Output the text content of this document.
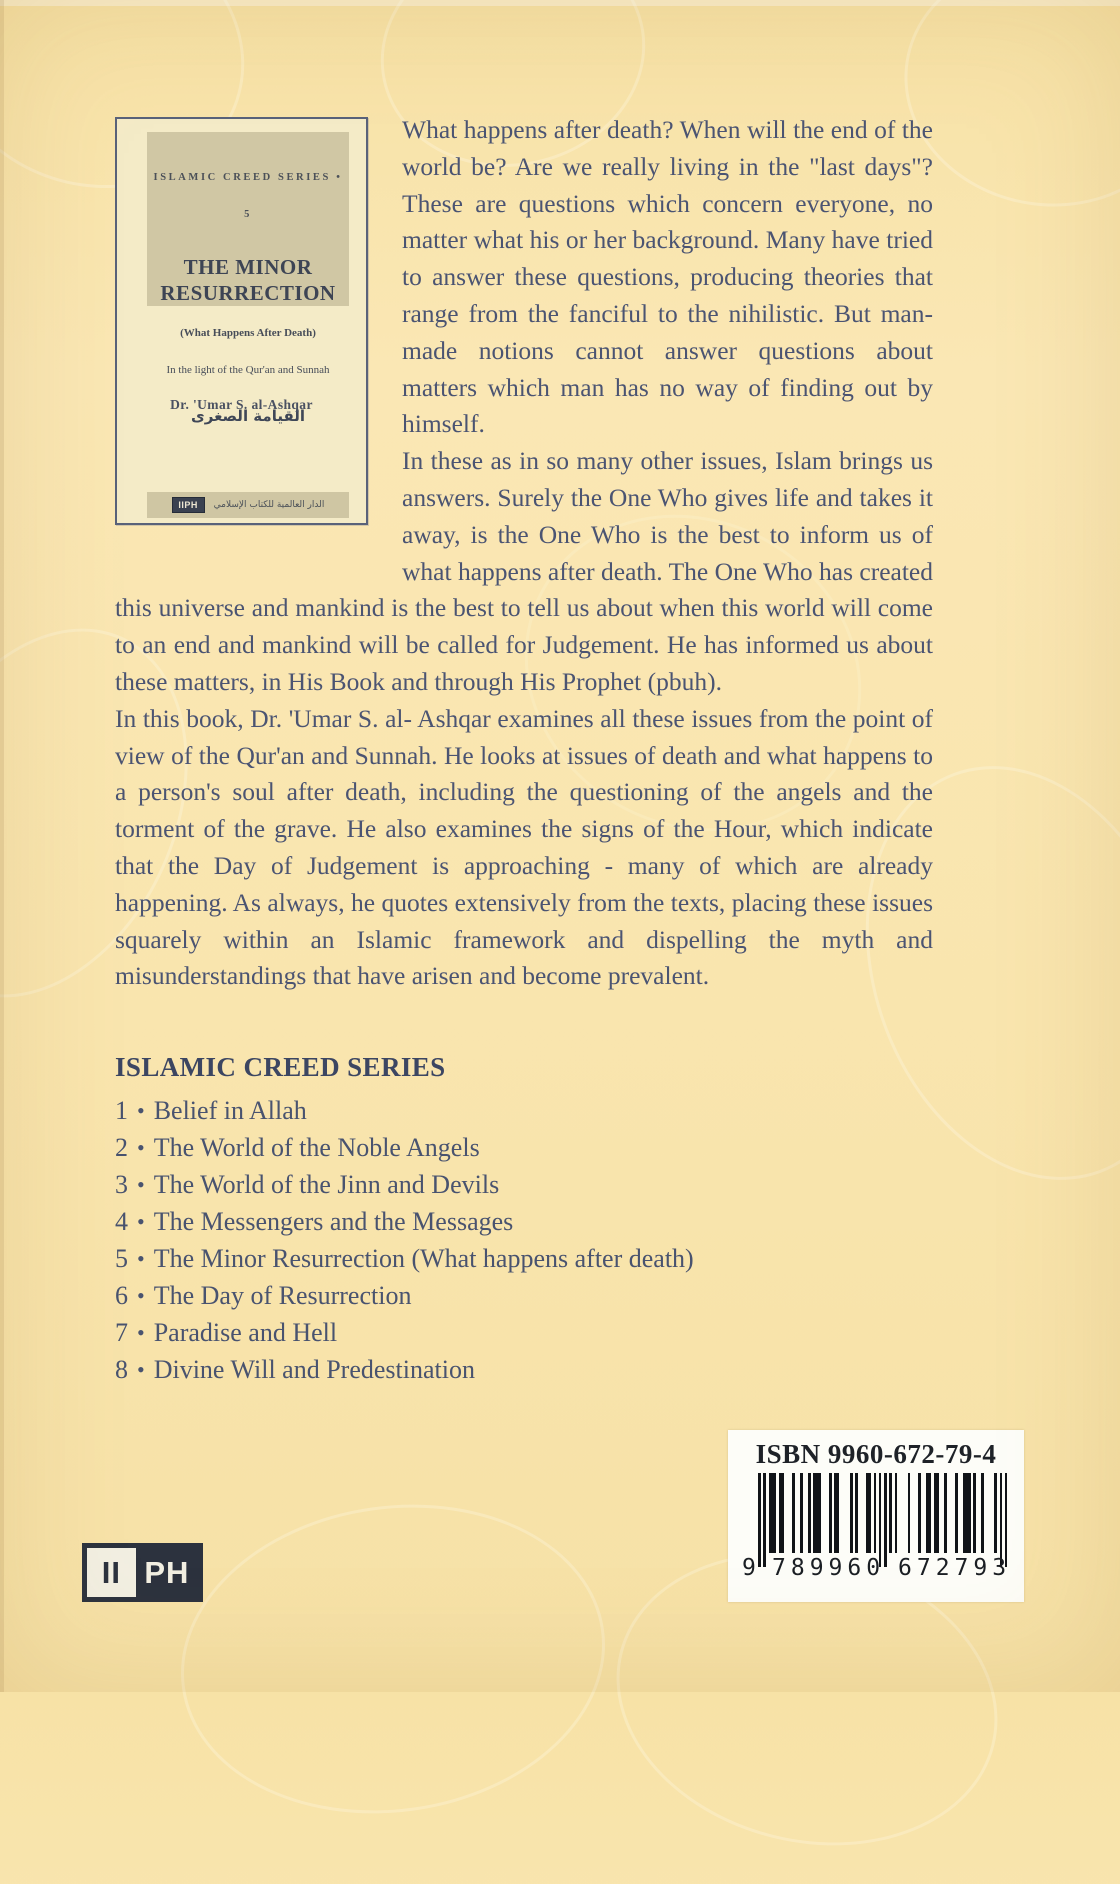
ISLAMIC CREED SERIES • 5
THE MINOR
RESURRECTION
(What Happens After Death)
In the light of the Qur'an and Sunnah
القيامة الصغرى
Dr. 'Umar S. al-Ashqar
IIPH	الدار العالمية للكتاب الإسلامي

What happens after death? When will the end of the world be? Are we really living in the "last days"? These are questions which concern everyone, no matter what his or her background. Many have tried to answer these questions, producing theories that range from the fanciful to the nihilistic. But man-made notions cannot answer questions about matters which man has no way of finding out by himself.

In these as in so many other issues, Islam brings us answers. Surely the One Who gives life and takes it away, is the One Who is the best to inform us of what happens after death. The One Who has created this universe and mankind is the best to tell us about when this world will come to an end and mankind will be called for Judgement. He has informed us about these matters, in His Book and through His Prophet (pbuh).

In this book, Dr. 'Umar S. al- Ashqar examines all these issues from the point of view of the Qur'an and Sunnah. He looks at issues of death and what happens to a person's soul after death, including the questioning of the angels and the torment of the grave. He also examines the signs of the Hour, which indicate that the Day of Judgement is approaching - many of which are already happening. As always, he quotes extensively from the texts, placing these issues squarely within an Islamic framework and dispelling the myth and misunderstandings that have arisen and become prevalent.

ISLAMIC CREED SERIES

1 • Belief in Allah
2 • The World of the Noble Angels
3 • The World of the Jinn and Devils
4 • The Messengers and the Messages
5 • The Minor Resurrection (What happens after death)
6 • The Day of Resurrection
7 • Paradise and Hell
8 • Divine Will and Predestination
ISBN 9960-672-79-4
9 789960 672793
II PH
